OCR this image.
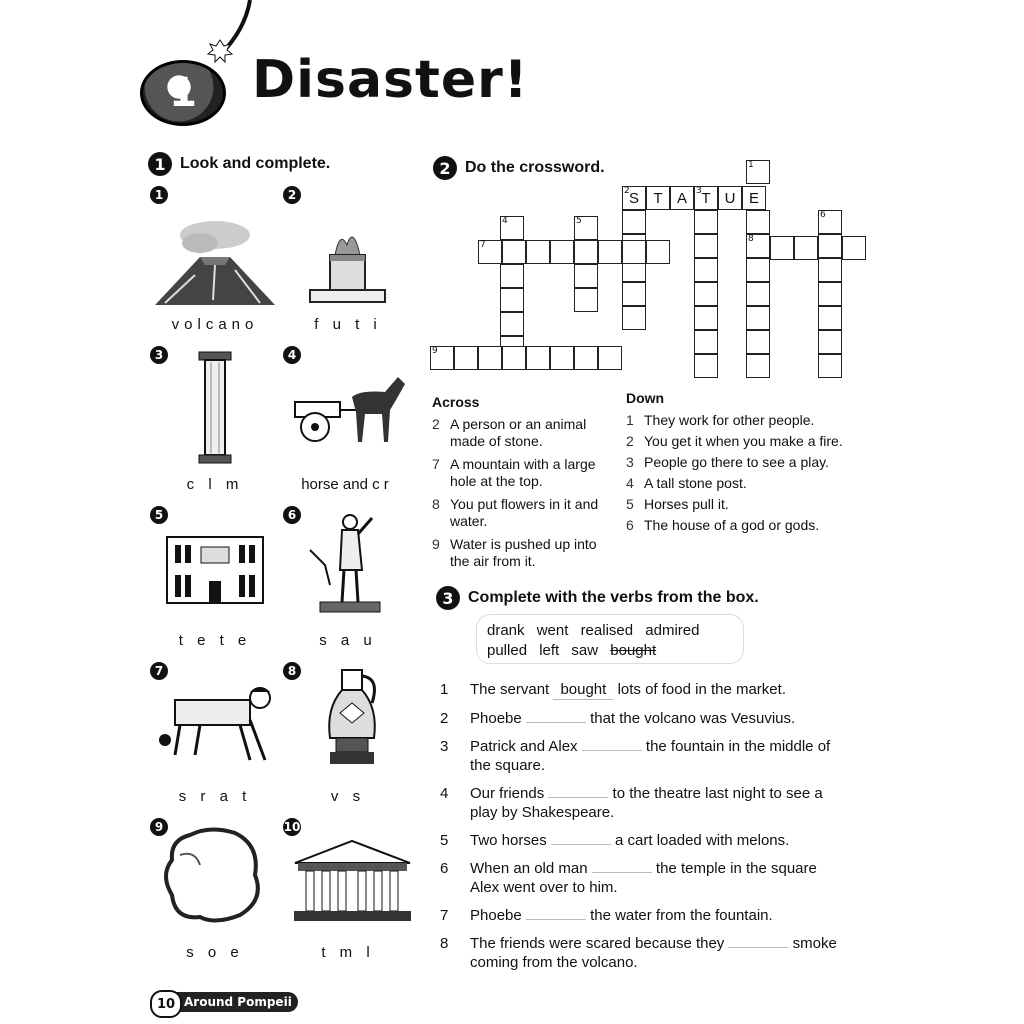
1 Disaster!
1 Look and complete.
1
volcano
2
f u t i
3
c l m
4
horse and c r
5
t e t e
6
s a u
7
s r a t
8
v s
9
s o e
10
t m l
2 Do the crossword.
2 S T A	3 T U E
1
8
4	5
7
6
9
Across
2 A person or an animal made of stone.
7 A mountain with a large hole at the top.
8 You put flowers in it and water.
9 Water is pushed up into the air from it.
Down
1 They work for other people.
2 You get it when you make a fire.
3 People go there to see a play.
4 A tall stone post.
5 Horses pull it.
6 The house of a god or gods.
3 Complete with the verbs from the box.
drank went realised admired
pulled left saw bought
1	The servant bought lots of food in the market.
2	Phoebe	that the volcano was Vesuvius.
3	Patrick and Alex	the fountain in the middle of the square.
4	Our friends	to the theatre last night to see a play by Shakespeare.
5	Two horses	a cart loaded with melons.
6	When an old man	the temple in the square Alex went over to him.
7	Phoebe	the water from the fountain.
8	The friends were scared because they	smoke coming from the volcano.
Around Pompeii
10
